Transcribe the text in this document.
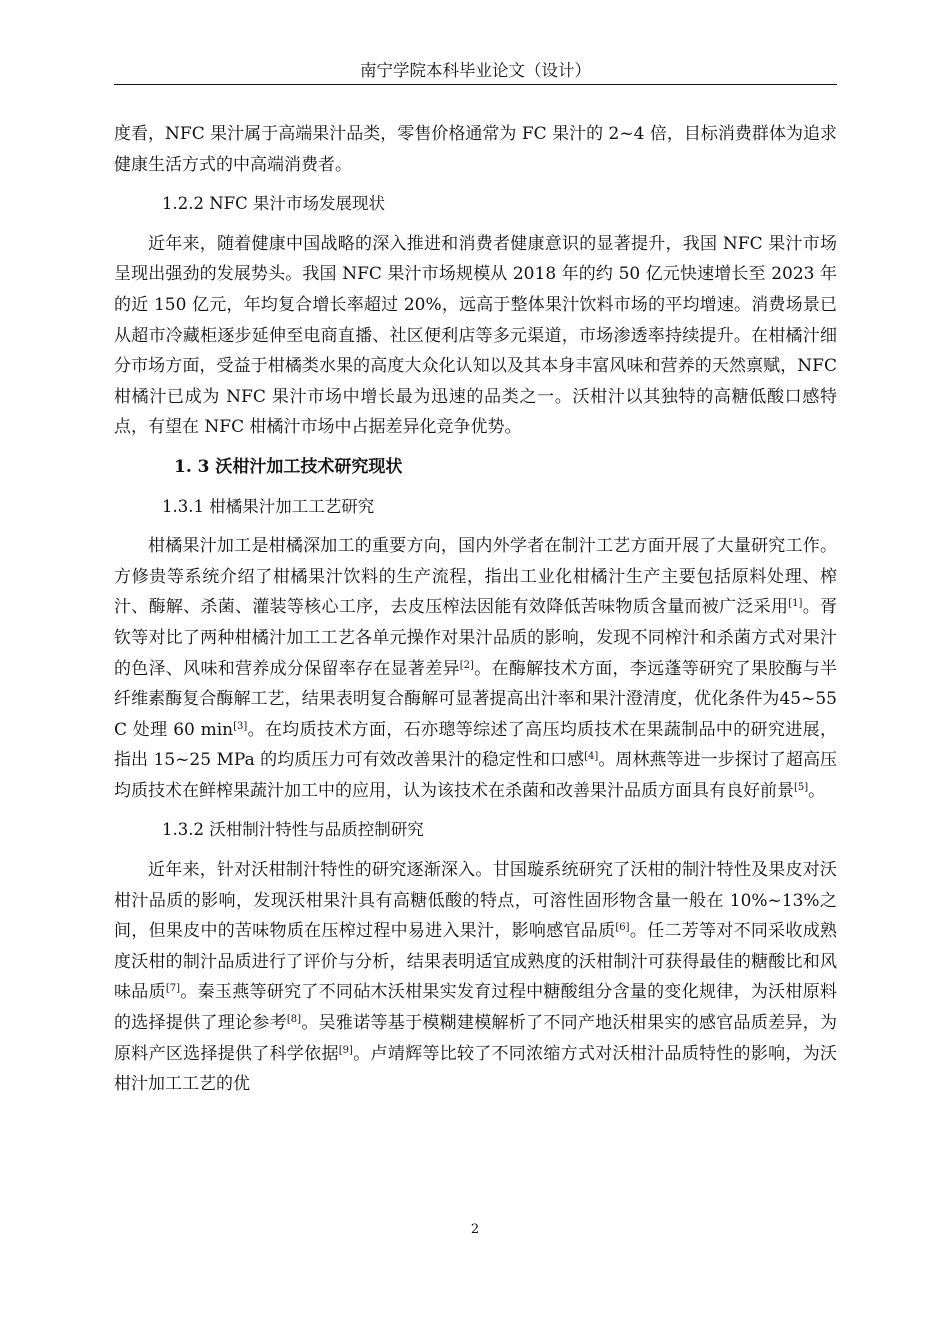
南宁学院本科毕业论文（设计）

度看，NFC 果汁属于高端果汁品类，零售价格通常为 FC 果汁的 2~4 倍，目标消费群体为追求健康生活方式的中高端消费者。

1.2.2 NFC 果汁市场发展现状

近年来，随着健康中国战略的深入推进和消费者健康意识的显著提升，我国 NFC 果汁市场呈现出强劲的发展势头。我国 NFC 果汁市场规模从 2018 年的约 50 亿元快速增长至 2023 年的近 150 亿元，年均复合增长率超过 20%，远高于整体果汁饮料市场的平均增速。消费场景已从超市冷藏柜逐步延伸至电商直播、社区便利店等多元渠道，市场渗透率持续提升。在柑橘汁细分市场方面，受益于柑橘类水果的高度大众化认知以及其本身丰富风味和营养的天然禀赋，NFC 柑橘汁已成为 NFC 果汁市场中增长最为迅速的品类之一。沃柑汁以其独特的高糖低酸口感特点，有望在 NFC 柑橘汁市场中占据差异化竞争优势。

1. 3 沃柑汁加工技术研究现状
1.3.1 柑橘果汁加工工艺研究

柑橘果汁加工是柑橘深加工的重要方向，国内外学者在制汁工艺方面开展了大量研究工作。方修贵等系统介绍了柑橘果汁饮料的生产流程，指出工业化柑橘汁生产主要包括原料处理、榨汁、酶解、杀菌、灌装等核心工序，去皮压榨法因能有效降低苦味物质含量而被广泛采用[1]。胥钦等对比了两种柑橘汁加工工艺各单元操作对果汁品质的影响，发现不同榨汁和杀菌方式对果汁的色泽、风味和营养成分保留率存在显著差异[2]。在酶解技术方面，李远蓬等研究了果胶酶与半纤维素酶复合酶解工艺，结果表明复合酶解可显著提高出汁率和果汁澄清度，优化条件为45~55 C 处理 60 min[3]。在均质技术方面，石亦璁等综述了高压均质技术在果蔬制品中的研究进展，指出 15~25 MPa 的均质压力可有效改善果汁的稳定性和口感[4]。周林燕等进一步探讨了超高压均质技术在鲜榨果蔬汁加工中的应用，认为该技术在杀菌和改善果汁品质方面具有良好前景[5]。

1.3.2 沃柑制汁特性与品质控制研究

近年来，针对沃柑制汁特性的研究逐渐深入。甘国璇系统研究了沃柑的制汁特性及果皮对沃柑汁品质的影响，发现沃柑果汁具有高糖低酸的特点，可溶性固形物含量一般在 10%~13%之间，但果皮中的苦味物质在压榨过程中易进入果汁，影响感官品质[6]。任二芳等对不同采收成熟度沃柑的制汁品质进行了评价与分析，结果表明适宜成熟度的沃柑制汁可获得最佳的糖酸比和风味品质[7]。秦玉燕等研究了不同砧木沃柑果实发育过程中糖酸组分含量的变化规律，为沃柑原料的选择提供了理论参考[8]。吴雅诺等基于模糊建模解析了不同产地沃柑果实的感官品质差异，为原料产区选择提供了科学依据[9]。卢靖辉等比较了不同浓缩方式对沃柑汁品质特性的影响，为沃柑汁加工工艺的优

2
